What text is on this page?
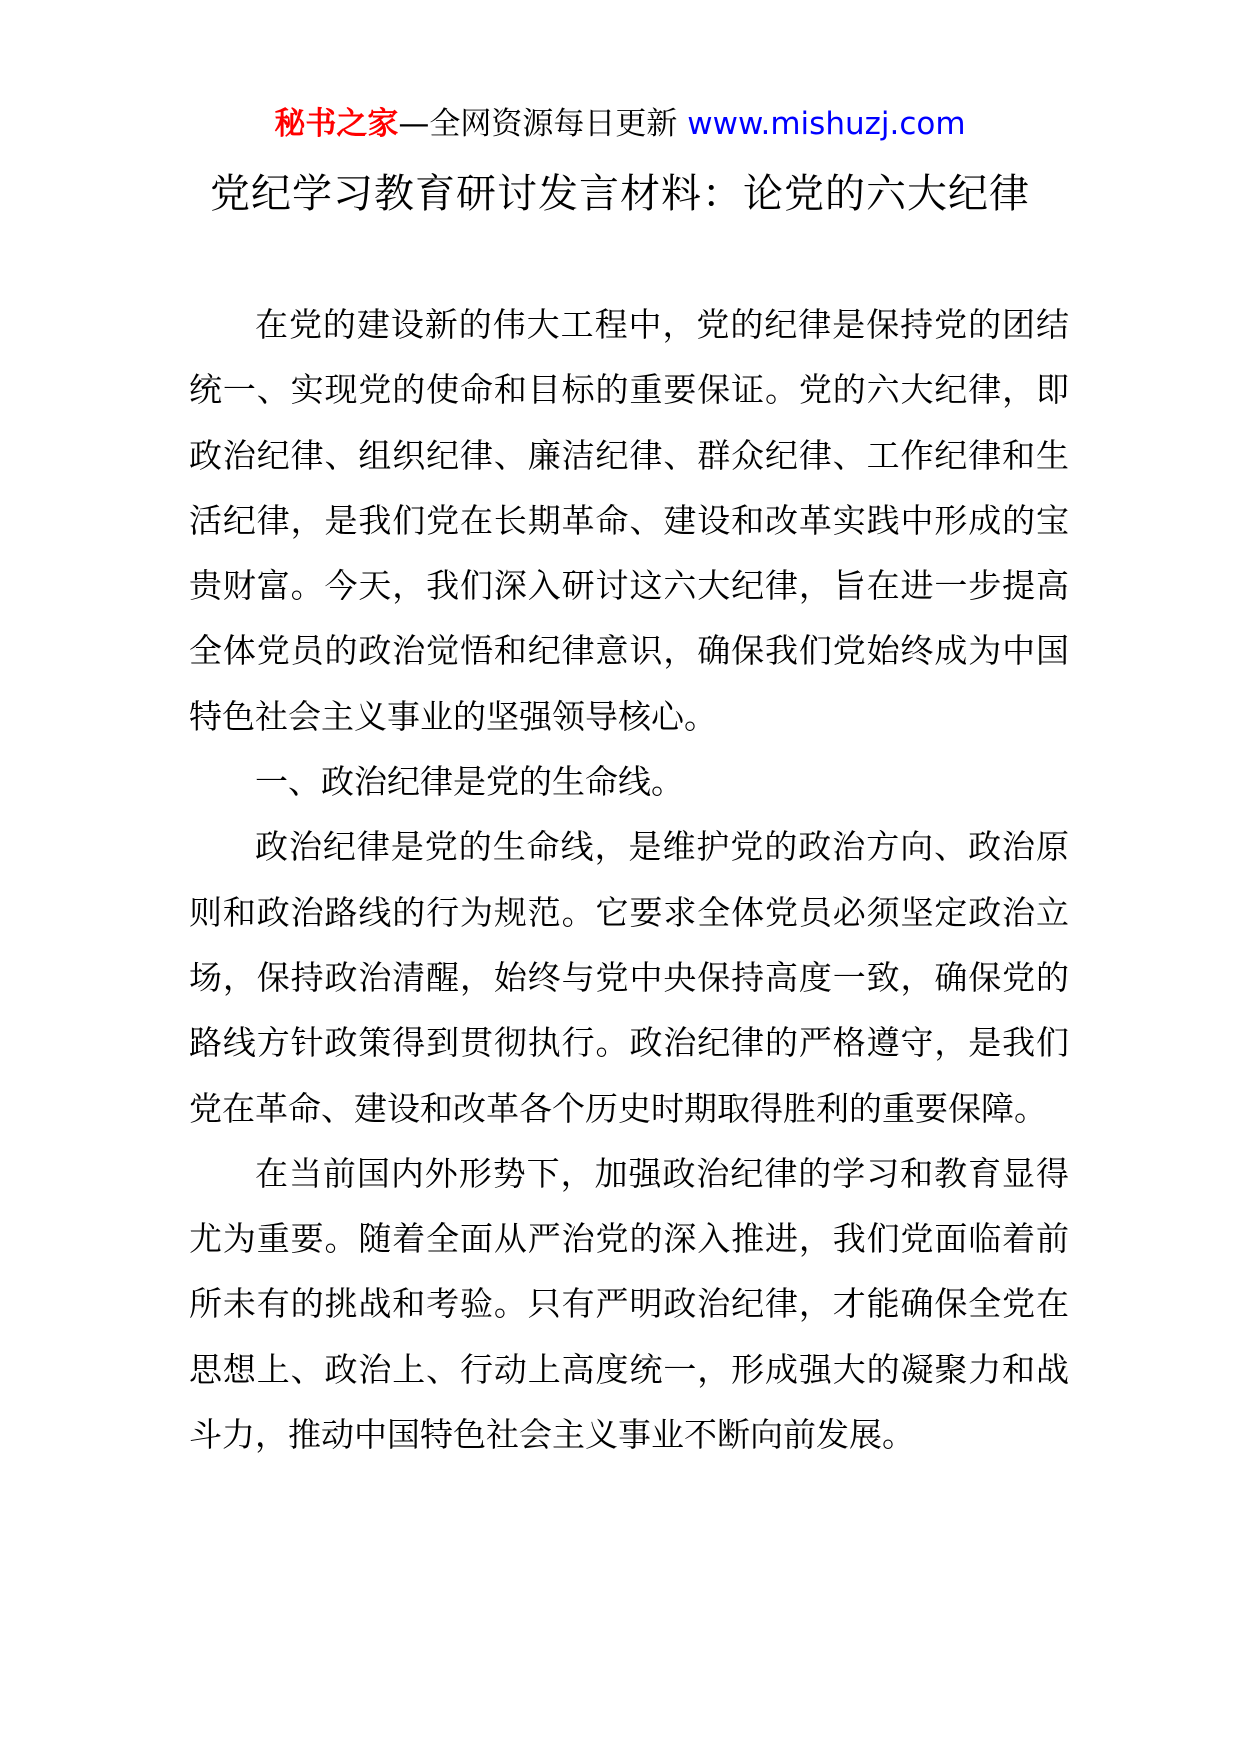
秘书之家—全网资源每日更新 www.mishuzj.com
党纪学习教育研讨发言材料：论党的六大纪律

在党的建设新的伟大工程中，党的纪律是保持党的团结统一、实现党的使命和目标的重要保证。党的六大纪律，即政治纪律、组织纪律、廉洁纪律、群众纪律、工作纪律和生活纪律，是我们党在长期革命、建设和改革实践中形成的宝贵财富。今天，我们深入研讨这六大纪律，旨在进一步提高全体党员的政治觉悟和纪律意识，确保我们党始终成为中国特色社会主义事业的坚强领导核心。

一、政治纪律是党的生命线。

政治纪律是党的生命线，是维护党的政治方向、政治原则和政治路线的行为规范。它要求全体党员必须坚定政治立场，保持政治清醒，始终与党中央保持高度一致，确保党的路线方针政策得到贯彻执行。政治纪律的严格遵守，是我们党在革命、建设和改革各个历史时期取得胜利的重要保障。

在当前国内外形势下，加强政治纪律的学习和教育显得尤为重要。随着全面从严治党的深入推进，我们党面临着前所未有的挑战和考验。只有严明政治纪律，才能确保全党在思想上、政治上、行动上高度统一，形成强大的凝聚力和战斗力，推动中国特色社会主义事业不断向前发展。
